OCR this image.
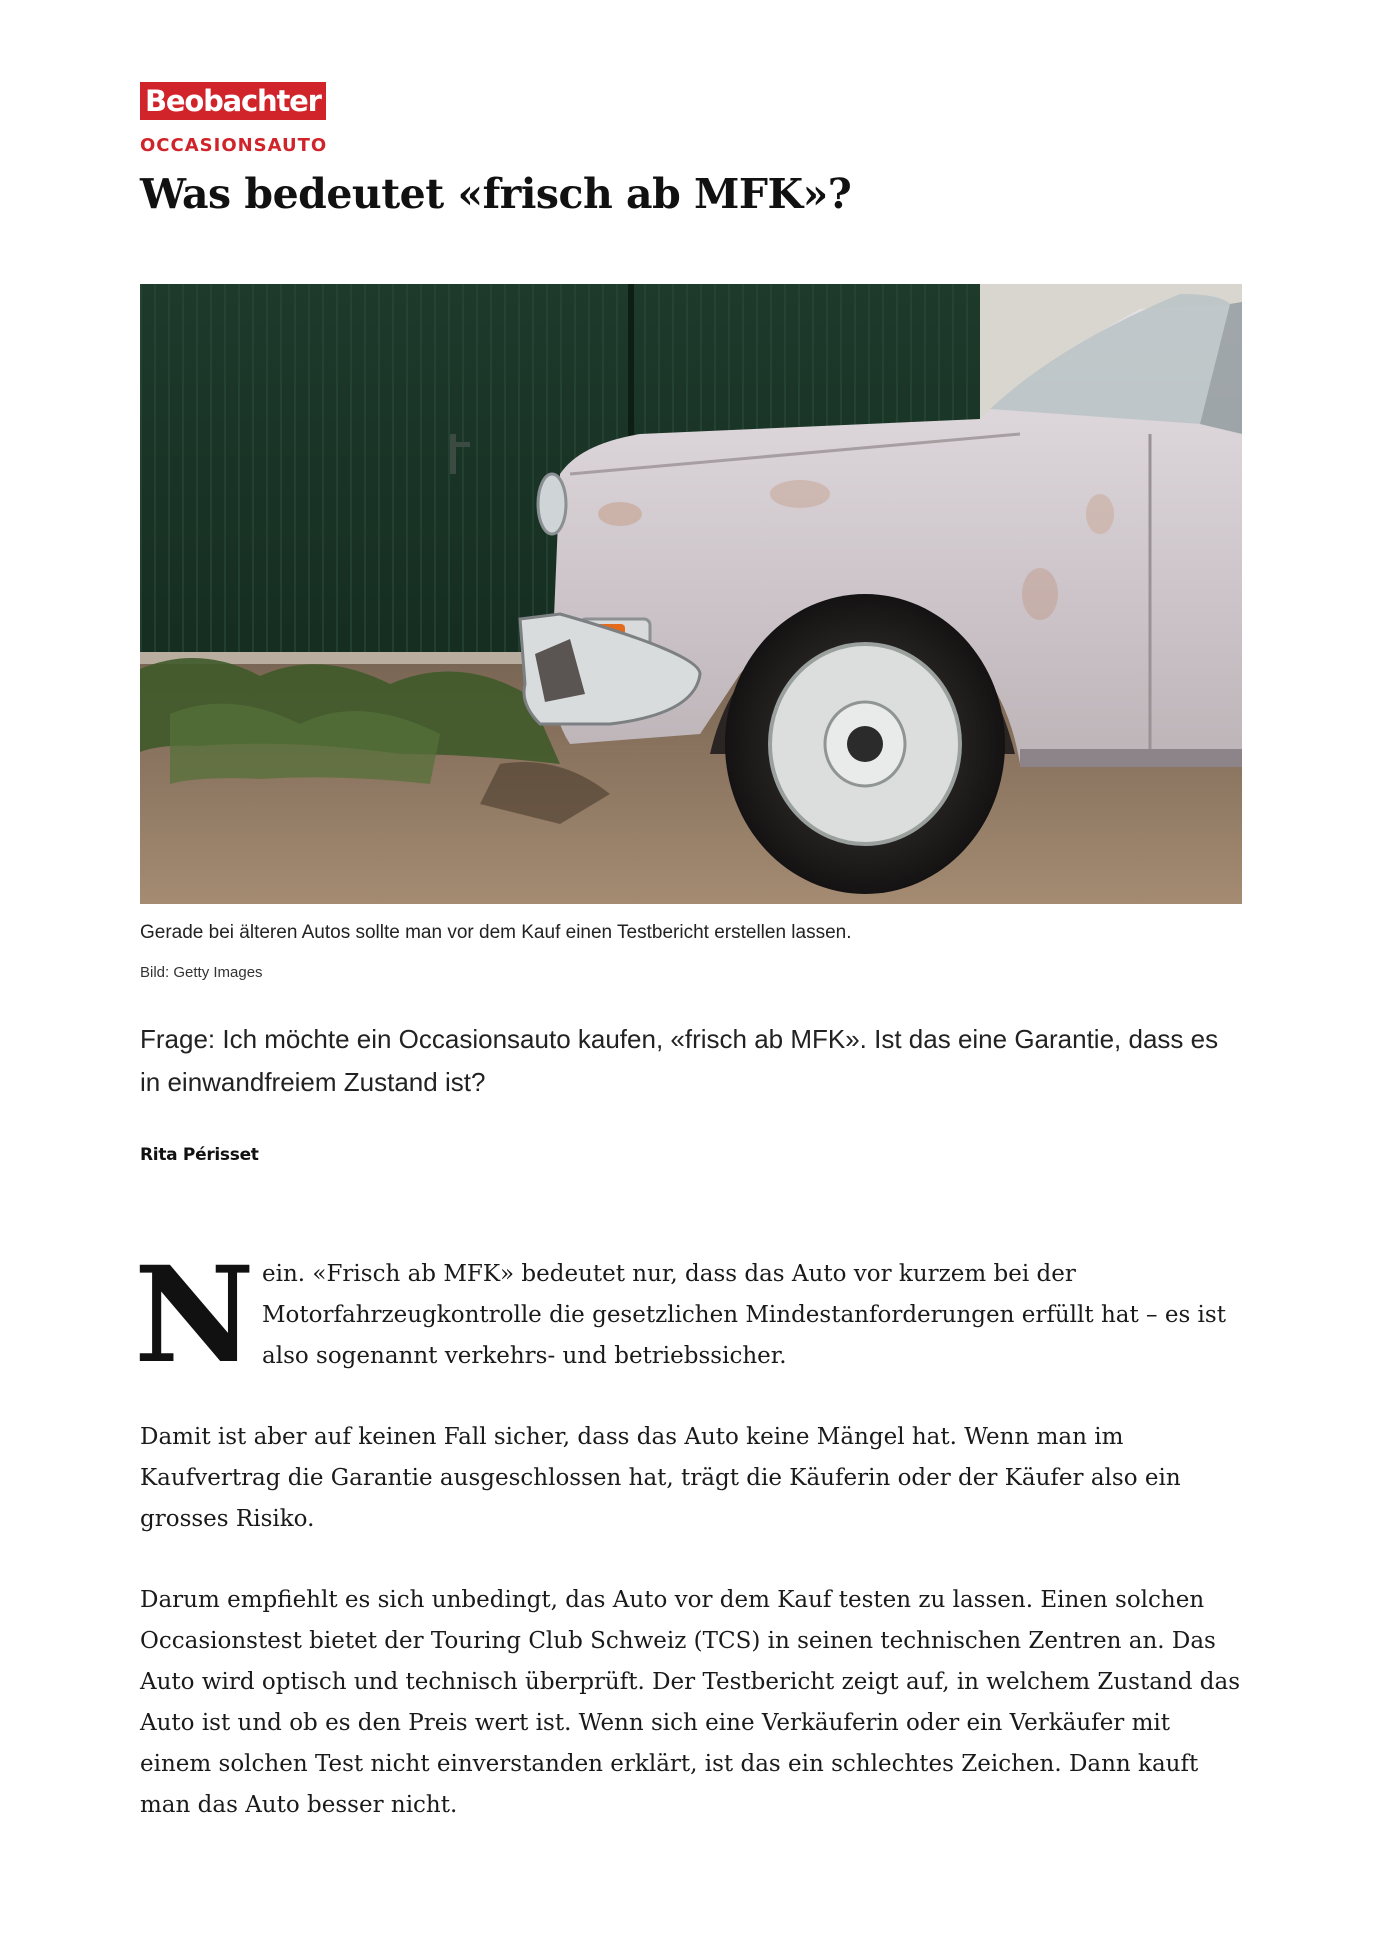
Beobachter
OCCASIONSAUTO
Was bedeutet «frisch ab MFK»?
Gerade bei älteren Autos sollte man vor dem Kauf einen Testbericht erstellen lassen.
Bild: Getty Images
Frage: Ich möchte ein Occasionsauto kaufen, «frisch ab MFK». Ist das eine Garantie, dass es in einwandfreiem Zustand ist?
Rita Périsset
N ein. «Frisch ab MFK» bedeutet nur, dass das Auto vor kurzem bei der Motorfahrzeugkontrolle die gesetzlichen Mindestanforderungen erfüllt hat – es ist also sogenannt verkehrs- und betriebssicher.

Damit ist aber auf keinen Fall sicher, dass das Auto keine Mängel hat. Wenn man im Kaufvertrag die Garantie ausgeschlossen hat, trägt die Käuferin oder der Käufer also ein grosses Risiko.

Darum empfiehlt es sich unbedingt, das Auto vor dem Kauf testen zu lassen. Einen solchen Occasionstest bietet der Touring Club Schweiz (TCS) in seinen technischen Zentren an. Das Auto wird optisch und technisch überprüft. Der Testbericht zeigt auf, in welchem Zustand das Auto ist und ob es den Preis wert ist. Wenn sich eine Verkäuferin oder ein Verkäufer mit einem solchen Test nicht einverstanden erklärt, ist das ein schlechtes Zeichen. Dann kauft man das Auto besser nicht.
